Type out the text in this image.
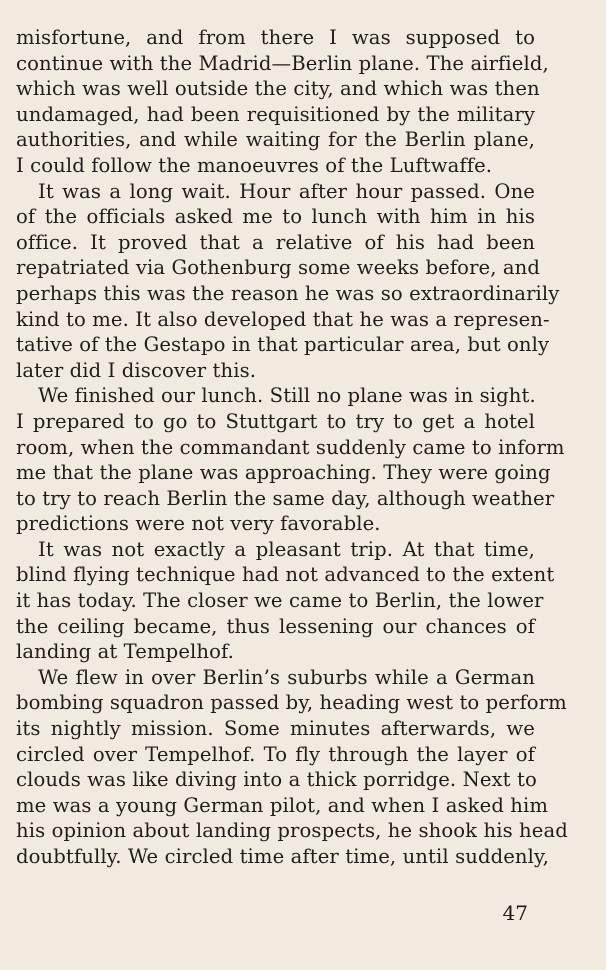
misfortune, and from there I was supposed to
continue with the Madrid—Berlin plane. The airfield,
which was well outside the city, and which was then
undamaged, had been requisitioned by the military
authorities, and while waiting for the Berlin plane,
I could follow the manoeuvres of the Luftwaffe.
It was a long wait. Hour after hour passed. One
of the officials asked me to lunch with him in his
office. It proved that a relative of his had been
repatriated via Gothenburg some weeks before, and
perhaps this was the reason he was so extraordinarily
kind to me. It also developed that he was a represen-
tative of the Gestapo in that particular area, but only
later did I discover this.
We finished our lunch. Still no plane was in sight.
I prepared to go to Stuttgart to try to get a hotel
room, when the commandant suddenly came to inform
me that the plane was approaching. They were going
to try to reach Berlin the same day, although weather
predictions were not very favorable.
It was not exactly a pleasant trip. At that time,
blind flying technique had not advanced to the extent
it has today. The closer we came to Berlin, the lower
the ceiling became, thus lessening our chances of
landing at Tempelhof.
We flew in over Berlin’s suburbs while a German
bombing squadron passed by, heading west to perform
its nightly mission. Some minutes afterwards, we
circled over Tempelhof. To fly through the layer of
clouds was like diving into a thick porridge. Next to
me was a young German pilot, and when I asked him
his opinion about landing prospects, he shook his head
doubtfully. We circled time after time, until suddenly,
47
